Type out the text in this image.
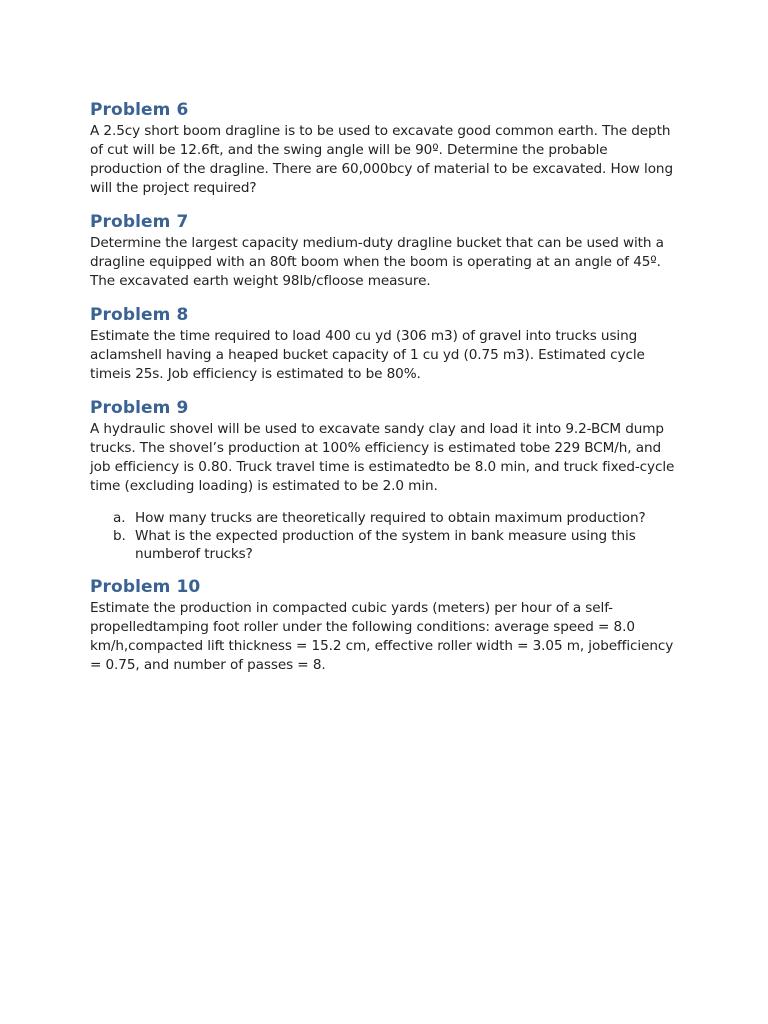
Problem 6

A 2.5cy short boom dragline is to be used to excavate good common earth. The depth of cut will be 12.6ft, and the swing angle will be 90º. Determine the probable production of the dragline. There are 60,000bcy of material to be excavated. How long will the project required?

Problem 7

Determine the largest capacity medium-duty dragline bucket that can be used with a dragline equipped with an 80ft boom when the boom is operating at an angle of 45º. The excavated earth weight 98lb/cfloose measure.

Problem 8

Estimate the time required to load 400 cu yd (306 m3) of gravel into trucks using aclamshell having a heaped bucket capacity of 1 cu yd (0.75 m3). Estimated cycle timeis 25s. Job efficiency is estimated to be 80%.

Problem 9

A hydraulic shovel will be used to excavate sandy clay and load it into 9.2-BCM dump trucks. The shovel’s production at 100% efficiency is estimated tobe 229 BCM/h, and job efficiency is 0.80. Truck travel time is estimatedto be 8.0 min, and truck fixed-cycle time (excluding loading) is estimated to be 2.0 min.

a. How many trucks are theoretically required to obtain maximum production?
b. What is the expected production of the system in bank measure using this numberof trucks?
Problem 10

Estimate the production in compacted cubic yards (meters) per hour of a self-propelledtamping foot roller under the following conditions: average speed = 8.0 km/h,compacted lift thickness = 15.2 cm, effective roller width = 3.05 m, jobefficiency = 0.75, and number of passes = 8.
